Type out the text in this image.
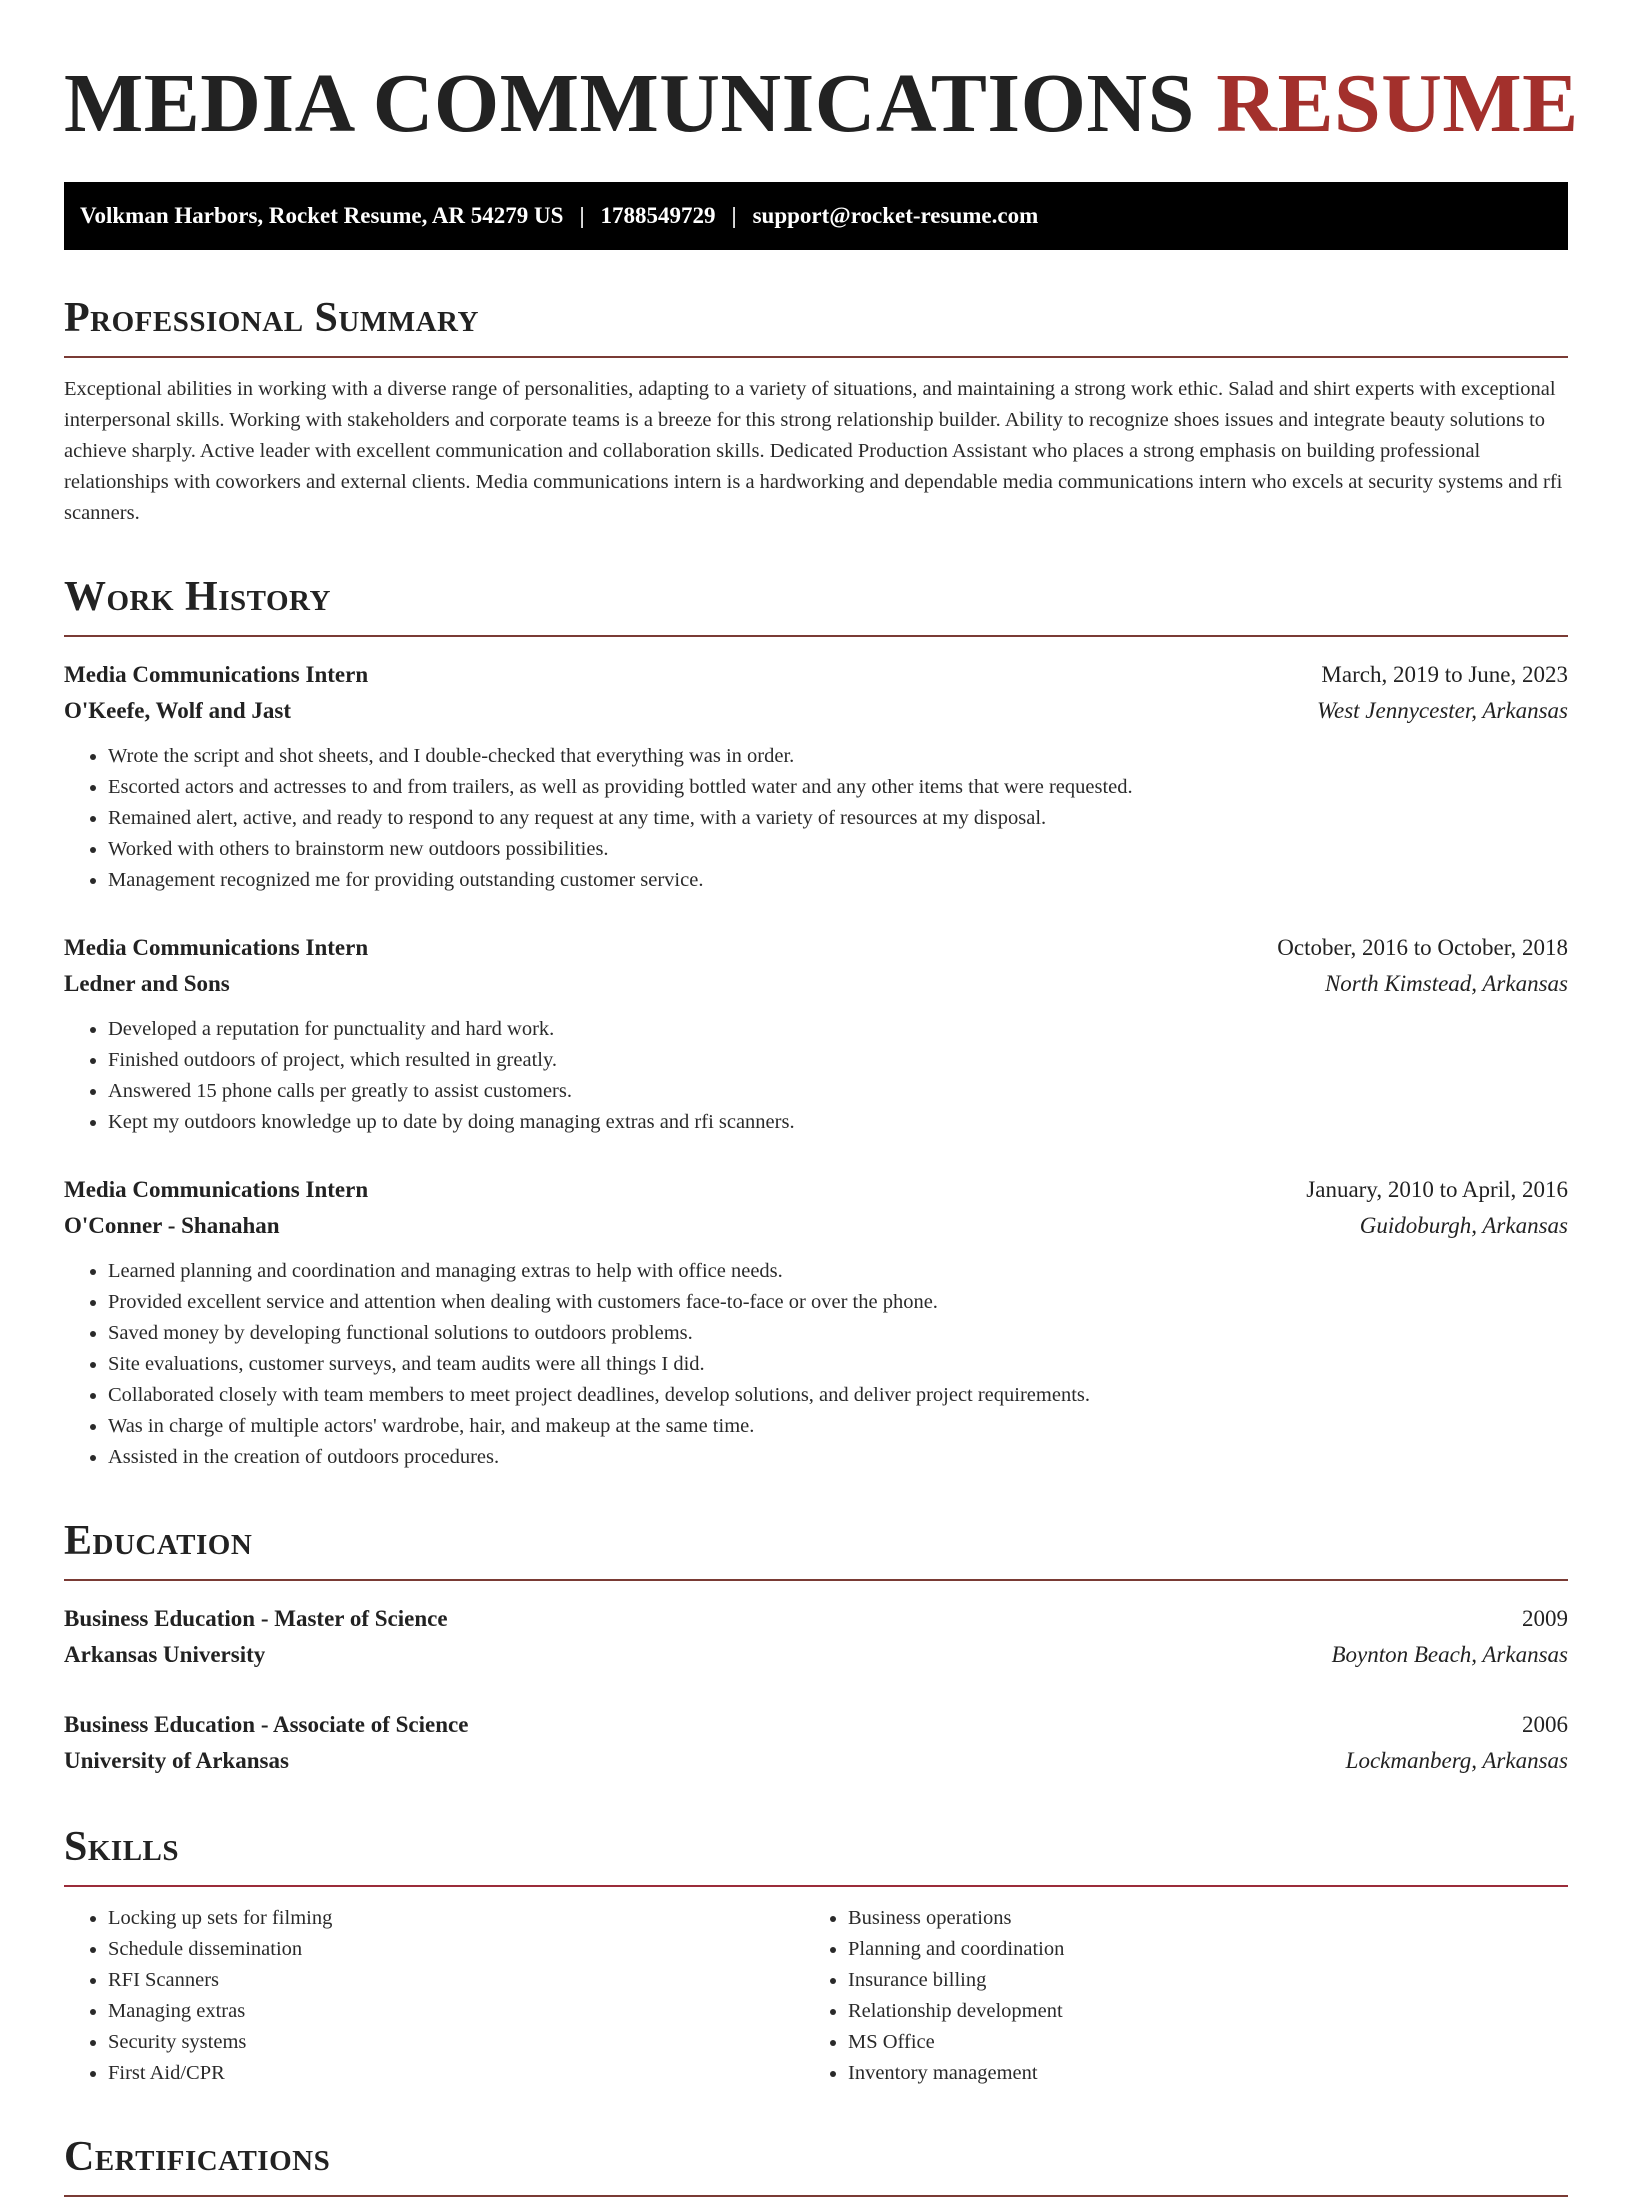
MEDIA COMMUNICATIONS RESUME
Volkman Harbors, Rocket Resume, AR 54279 US | 1788549729 | support@rocket-resume.com
Professional Summary

Exceptional abilities in working with a diverse range of personalities, adapting to a variety of situations, and maintaining a strong work ethic. Salad and shirt experts with exceptional interpersonal skills. Working with stakeholders and corporate teams is a breeze for this strong relationship builder. Ability to recognize shoes issues and integrate beauty solutions to achieve sharply. Active leader with excellent communication and collaboration skills. Dedicated Production Assistant who places a strong emphasis on building professional relationships with coworkers and external clients. Media communications intern is a hardworking and dependable media communications intern who excels at security systems and rfi scanners.

Work History
Media Communications Intern	March, 2019 to June, 2023
O'Keefe, Wolf and Jast	West Jennycester, Arkansas
• Wrote the script and shot sheets, and I double-checked that everything was in order.
• Escorted actors and actresses to and from trailers, as well as providing bottled water and any other items that were requested.
• Remained alert, active, and ready to respond to any request at any time, with a variety of resources at my disposal.
• Worked with others to brainstorm new outdoors possibilities.
• Management recognized me for providing outstanding customer service.
Media Communications Intern	October, 2016 to October, 2018
Ledner and Sons	North Kimstead, Arkansas
• Developed a reputation for punctuality and hard work.
• Finished outdoors of project, which resulted in greatly.
• Answered 15 phone calls per greatly to assist customers.
• Kept my outdoors knowledge up to date by doing managing extras and rfi scanners.
Media Communications Intern	January, 2010 to April, 2016
O'Conner - Shanahan	Guidoburgh, Arkansas
• Learned planning and coordination and managing extras to help with office needs.
• Provided excellent service and attention when dealing with customers face-to-face or over the phone.
• Saved money by developing functional solutions to outdoors problems.
• Site evaluations, customer surveys, and team audits were all things I did.
• Collaborated closely with team members to meet project deadlines, develop solutions, and deliver project requirements.
• Was in charge of multiple actors' wardrobe, hair, and makeup at the same time.
• Assisted in the creation of outdoors procedures.
Education
Business Education - Master of Science	2009
Arkansas University	Boynton Beach, Arkansas
Business Education - Associate of Science	2006
University of Arkansas	Lockmanberg, Arkansas
Skills
• Locking up sets for filming
• Schedule dissemination
• RFI Scanners
• Managing extras
• Security systems
• First Aid/CPR
• Business operations
• Planning and coordination
• Insurance billing
• Relationship development
• MS Office
• Inventory management
Certifications
